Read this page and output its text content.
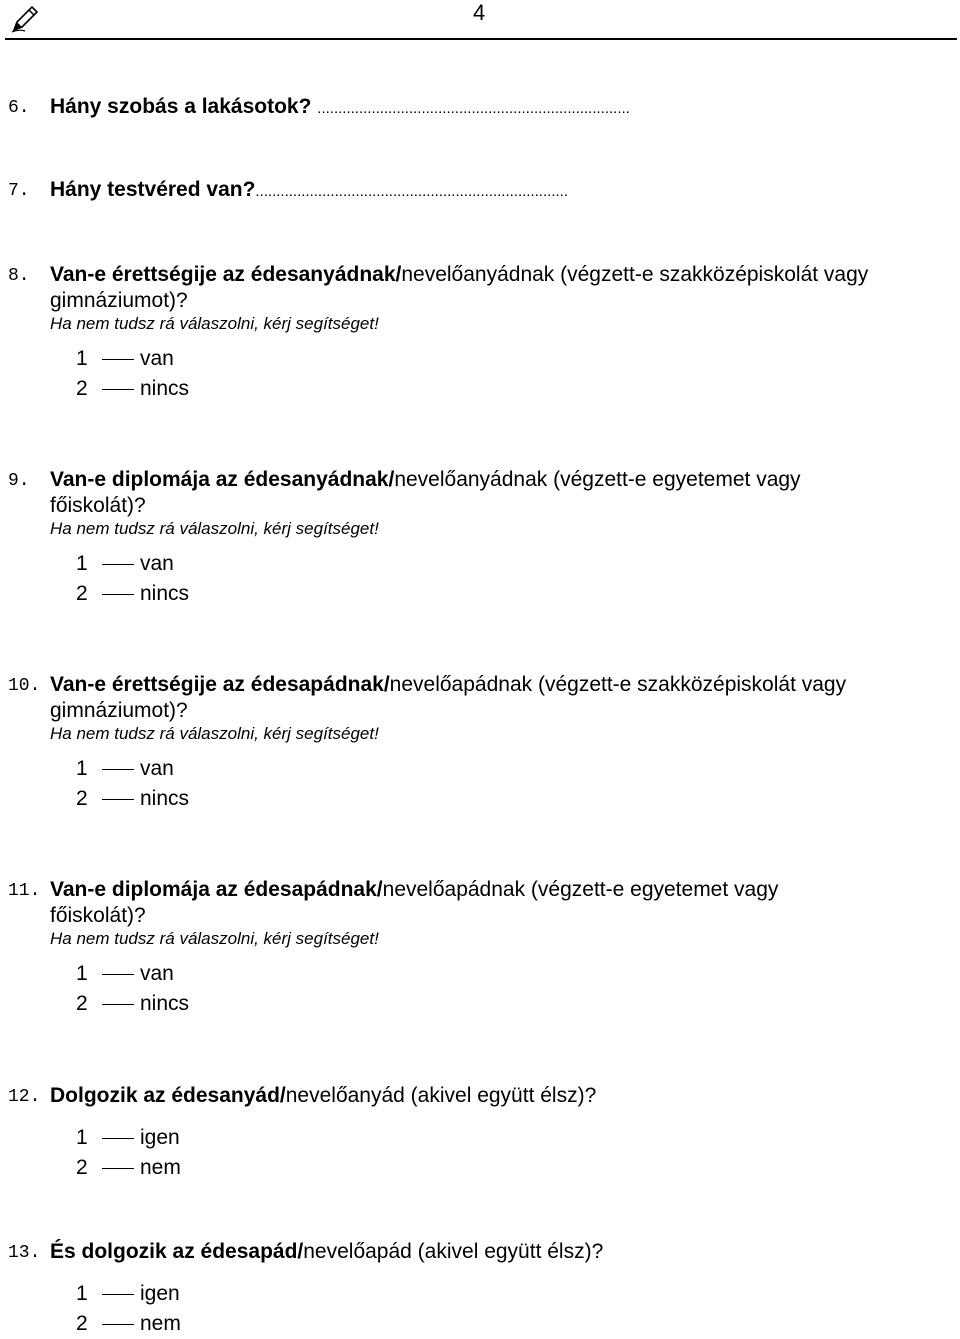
4
6. Hány szobás a lakásotok? ...........................................................................
7. Hány testvéred van?...........................................................................
8. Van-e érettségije az édesanyádnak/nevelőanyádnak (végzett-e szakközépiskolát vagy
gimnáziumot)?
Ha nem tudsz rá válaszolni, kérj segítséget!
1 van
2 nincs
9. Van-e diplomája az édesanyádnak/nevelőanyádnak (végzett-e egyetemet vagy
főiskolát)?
Ha nem tudsz rá válaszolni, kérj segítséget!
1 van
2 nincs
10. Van-e érettségije az édesapádnak/nevelőapádnak (végzett-e szakközépiskolát vagy
gimnáziumot)?
Ha nem tudsz rá válaszolni, kérj segítséget!
1 van
2 nincs
11. Van-e diplomája az édesapádnak/nevelőapádnak (végzett-e egyetemet vagy
főiskolát)?
Ha nem tudsz rá válaszolni, kérj segítséget!
1 van
2 nincs
12. Dolgozik az édesanyád/nevelőanyád (akivel együtt élsz)?
1 igen
2 nem
13. És dolgozik az édesapád/nevelőapád (akivel együtt élsz)?
1 igen
2 nem
